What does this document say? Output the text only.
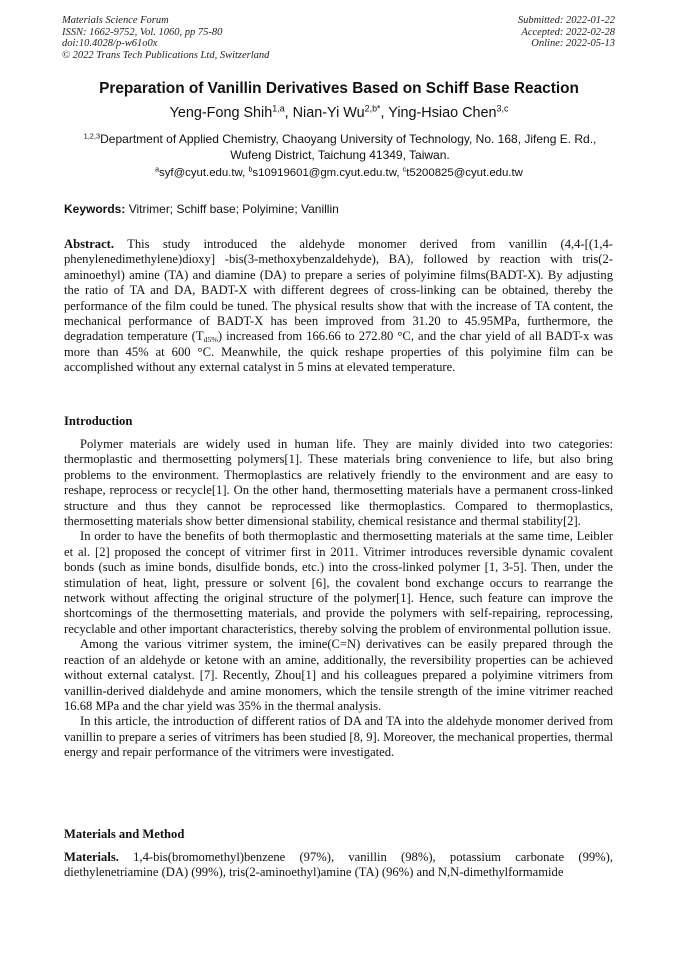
Materials Science Forum
ISSN: 1662-9752, Vol. 1060, pp 75-80
doi:10.4028/p-w61o0x
© 2022 Trans Tech Publications Ltd, Switzerland
Submitted: 2022-01-22
Accepted: 2022-02-28
Online: 2022-05-13
Preparation of Vanillin Derivatives Based on Schiff Base Reaction
Yeng-Fong Shih$^{1,a}$, Nian-Yi $Wu^{2,b*}$, Ying-Hsiao Chen$^{3,c}$
$^{1,2,3}$Department of Applied Chemistry, Chaoyang University of Technology, No. 168, Jifeng E. Rd., Wufeng District, Taichung 41349, Taiwan.
$^a$syf@cyut.edu.tw, $^b$s10919601@gm.cyut.edu.tw, $^c$t5200825@cyut.edu.tw
Keywords: Vitrimer; Schiff base; Polyimine; Vanillin
Abstract. This study introduced the aldehyde monomer derived from vanillin (4,4-[(1,4-phenylenedimethylene)dioxy] -bis(3-methoxybenzaldehyde), BA), followed by reaction with tris(2-aminoethyl) amine (TA) and diamine (DA) to prepare a series of polyimine films(BADT-X). By adjusting the ratio of TA and DA, BADT-X with different degrees of cross-linking can be obtained, thereby the performance of the film could be tuned. The physical results show that with the increase of TA content, the mechanical performance of BADT-X has been improved from 31.20 to 45.95MPa, furthermore, the degradation temperature $(T_{d5\%})$ increased from 166.66 to 272.80 °C, and the char yield of all BADT-x was more than 45% at 600 °C. Meanwhile, the quick reshape properties of this polyimine film can be accomplished without any external catalyst in 5 mins at elevated temperature.
Introduction

Polymer materials are widely used in human life. They are mainly divided into two categories: thermoplastic and thermosetting polymers[1]. These materials bring convenience to life, but also bring problems to the environment. Thermoplastics are relatively friendly to the environment and are easy to reshape, reprocess or recycle[1]. On the other hand, thermosetting materials have a permanent cross-linked structure and thus they cannot be reprocessed like thermoplastics. Compared to thermoplastics, thermosetting materials show better dimensional stability, chemical resistance and thermal stability[2].

In order to have the benefits of both thermoplastic and thermosetting materials at the same time, Leibler et al. [2] proposed the concept of vitrimer first in 2011. Vitrimer introduces reversible dynamic covalent bonds (such as imine bonds, disulfide bonds, etc.) into the cross-linked polymer [1, 3-5]. Then, under the stimulation of heat, light, pressure or solvent [6], the covalent bond exchange occurs to rearrange the network without affecting the original structure of the polymer[1]. Hence, such feature can improve the shortcomings of the thermosetting materials, and provide the polymers with self-repairing, reprocessing, recyclable and other important characteristics, thereby solving the problem of environmental pollution issue.

Among the various vitrimer system, the imine(C=N) derivatives can be easily prepared through the reaction of an aldehyde or ketone with an amine, additionally, the reversibility properties can be achieved without external catalyst. [7]. Recently, Zhou[1] and his colleagues prepared a polyimine vitrimers from vanillin-derived dialdehyde and amine monomers, which the tensile strength of the imine vitrimer reached 16.68 MPa and the char yield was 35% in the thermal analysis.

In this article, the introduction of different ratios of DA and TA into the aldehyde monomer derived from vanillin to prepare a series of vitrimers has been studied [8, 9]. Moreover, the mechanical properties, thermal energy and repair performance of the vitrimers were investigated.

Materials and Method

Materials. 1,4-bis(bromomethyl)benzene (97%), vanillin (98%), potassium carbonate (99%), diethylenetriamine (DA) (99%), tris(2-aminoethyl)amine (TA) (96%) and N,N-dimethylformamide
